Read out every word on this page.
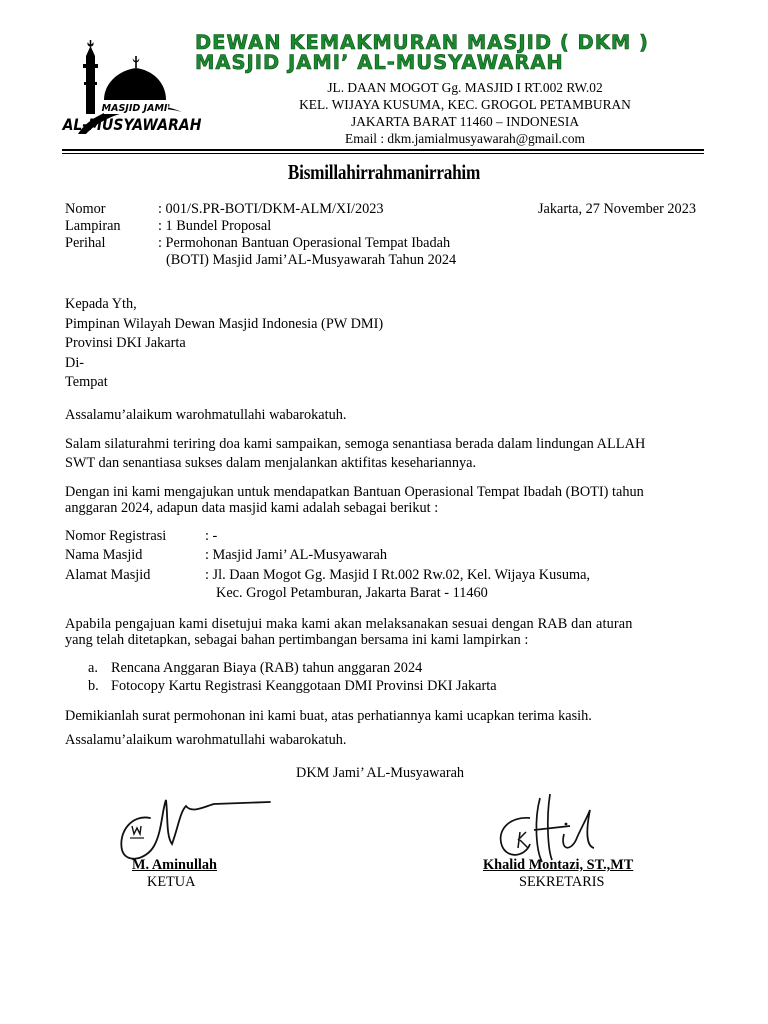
MASJID JAMI'
AL-MUSYAWARAH
DEWAN KEMAKMURAN MASJID ( DKM )
MASJID JAMI’ AL-MUSYAWARAH
JL. DAAN MOGOT Gg. MASJID I RT.002 RW.02
KEL. WIJAYA KUSUMA, KEC. GROGOL PETAMBURAN
JAKARTA BARAT 11460 – INDONESIA
Email : dkm.jamialmusyawarah@gmail.com
Bismillahirrahmanirrahim
Nomor	: 001/S.PR-BOTI/DKM-ALM/XI/2023	Jakarta, 27 November 2023
Lampiran	: 1 Bundel Proposal
Perihal	: Permohonan Bantuan Operasional Tempat Ibadah
(BOTI) Masjid Jami’AL-Musyawarah Tahun 2024
Kepada Yth,
Pimpinan Wilayah Dewan Masjid Indonesia (PW DMI)
Provinsi DKI Jakarta
Di-
Tempat
Assalamu’alaikum warohmatullahi wabarokatuh.
Salam silaturahmi teriring doa kami sampaikan, semoga senantiasa berada dalam lindungan ALLAH
SWT dan senantiasa sukses dalam menjalankan aktifitas kesehariannya.
Dengan ini kami mengajukan untuk mendapatkan Bantuan Operasional Tempat Ibadah (BOTI) tahun
anggaran 2024, adapun data masjid kami adalah sebagai berikut :
Nomor Registrasi	: -
Nama Masjid	: Masjid Jami’ AL-Musyawarah
Alamat Masjid	: Jl. Daan Mogot Gg. Masjid I Rt.002 Rw.02, Kel. Wijaya Kusuma,
Kec. Grogol Petamburan, Jakarta Barat - 11460
Apabila pengajuan kami disetujui maka kami akan melaksanakan sesuai dengan RAB dan aturan
yang telah ditetapkan, sebagai bahan pertimbangan bersama ini kami lampirkan :
a. Rencana Anggaran Biaya (RAB) tahun anggaran 2024
b. Fotocopy Kartu Registrasi Keanggotaan DMI Provinsi DKI Jakarta
Demikianlah surat permohonan ini kami buat, atas perhatiannya kami ucapkan terima kasih.
Assalamu’alaikum warohmatullahi wabarokatuh.
DKM Jami’ AL-Musyawarah
M. Aminullah
KETUA
Khalid Montazi, ST.,MT
SEKRETARIS
